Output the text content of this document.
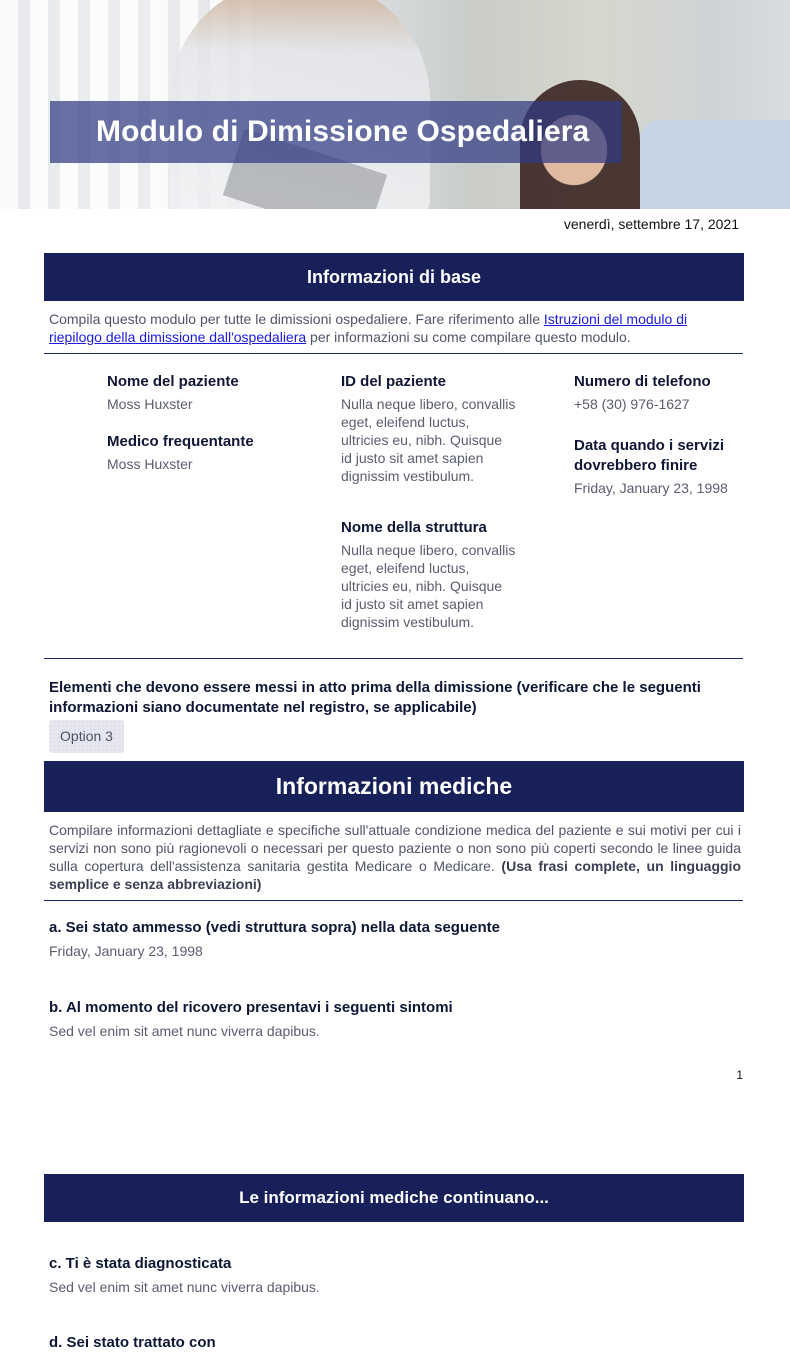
Modulo di Dimissione Ospedaliera
venerdì, settembre 17, 2021
Informazioni di base
Compila questo modulo per tutte le dimissioni ospedaliere. Fare riferimento alle Istruzioni del modulo di riepilogo della dimissione dall'ospedaliera per informazioni su come compilare questo modulo.
Nome del paziente
Moss Huxster
Medico frequentante
Moss Huxster
ID del paziente
Nulla neque libero, convallis eget, eleifend luctus, ultricies eu, nibh. Quisque id justo sit amet sapien dignissim vestibulum.
Nome della struttura
Nulla neque libero, convallis eget, eleifend luctus, ultricies eu, nibh. Quisque id justo sit amet sapien dignissim vestibulum.
Numero di telefono
+58 (30) 976-1627
Data quando i servizi dovrebbero finire
Friday, January 23, 1998
Elementi che devono essere messi in atto prima della dimissione (verificare che le seguenti informazioni siano documentate nel registro, se applicabile)
Option 3
Informazioni mediche
Compilare informazioni dettagliate e specifiche sull'attuale condizione medica del paziente e sui motivi per cui i servizi non sono più ragionevoli o necessari per questo paziente o non sono più coperti secondo le linee guida sulla copertura dell'assistenza sanitaria gestita Medicare o Medicare. (Usa frasi complete, un linguaggio semplice e senza abbreviazioni)
a. Sei stato ammesso (vedi struttura sopra) nella data seguente
Friday, January 23, 1998
b. Al momento del ricovero presentavi i seguenti sintomi
Sed vel enim sit amet nunc viverra dapibus.
1
Le informazioni mediche continuano...
c. Ti è stata diagnosticata
Sed vel enim sit amet nunc viverra dapibus.
d. Sei stato trattato con
